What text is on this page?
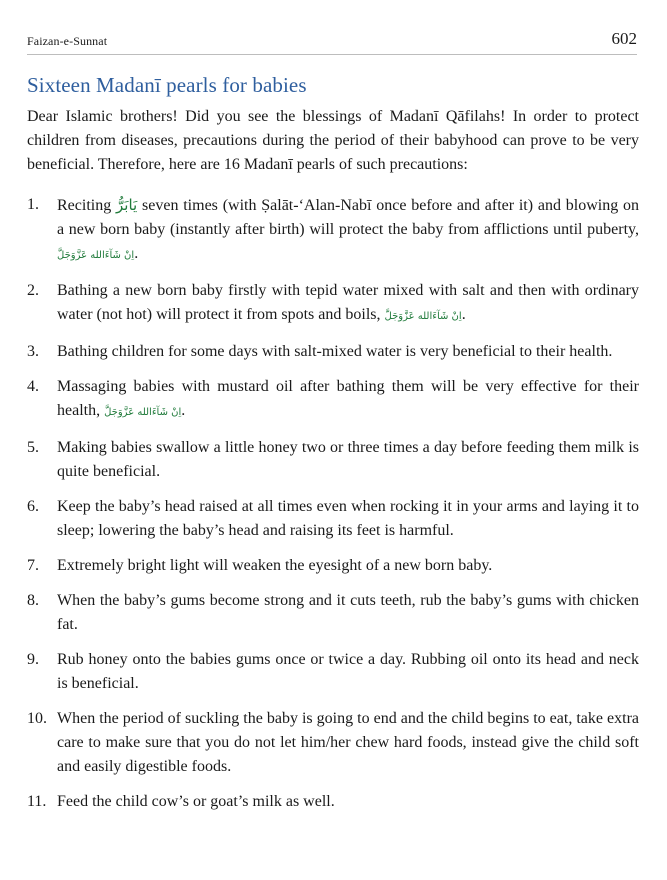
Faizan-e-Sunnat	602
Sixteen Madanī pearls for babies

Dear Islamic brothers! Did you see the blessings of Madanī Qāfilahs! In order to protect children from diseases, precautions during the period of their babyhood can prove to be very beneficial. Therefore, here are 16 Madanī pearls of such precautions:

1. Reciting يَابَرُّ seven times (with Ṣalāt-‘Alan-Nabī once before and after it) and blowing on a new born baby (instantly after birth) will protect the baby from afflictions until puberty, اِنْ شَآءَالله عَزَّوَجَلَّ.
2. Bathing a new born baby firstly with tepid water mixed with salt and then with ordinary water (not hot) will protect it from spots and boils, اِنْ شَآءَالله عَزَّوَجَلَّ.
3. Bathing children for some days with salt-mixed water is very beneficial to their health.
4. Massaging babies with mustard oil after bathing them will be very effective for their health, اِنْ شَآءَالله عَزَّوَجَلَّ.
5. Making babies swallow a little honey two or three times a day before feeding them milk is quite beneficial.
6. Keep the baby’s head raised at all times even when rocking it in your arms and laying it to sleep; lowering the baby’s head and raising its feet is harmful.
7. Extremely bright light will weaken the eyesight of a new born baby.
8. When the baby’s gums become strong and it cuts teeth, rub the baby’s gums with chicken fat.
9. Rub honey onto the babies gums once or twice a day. Rubbing oil onto its head and neck is beneficial.
10. When the period of suckling the baby is going to end and the child begins to eat, take extra care to make sure that you do not let him/her chew hard foods, instead give the child soft and easily digestible foods.
11. Feed the child cow’s or goat’s milk as well.
